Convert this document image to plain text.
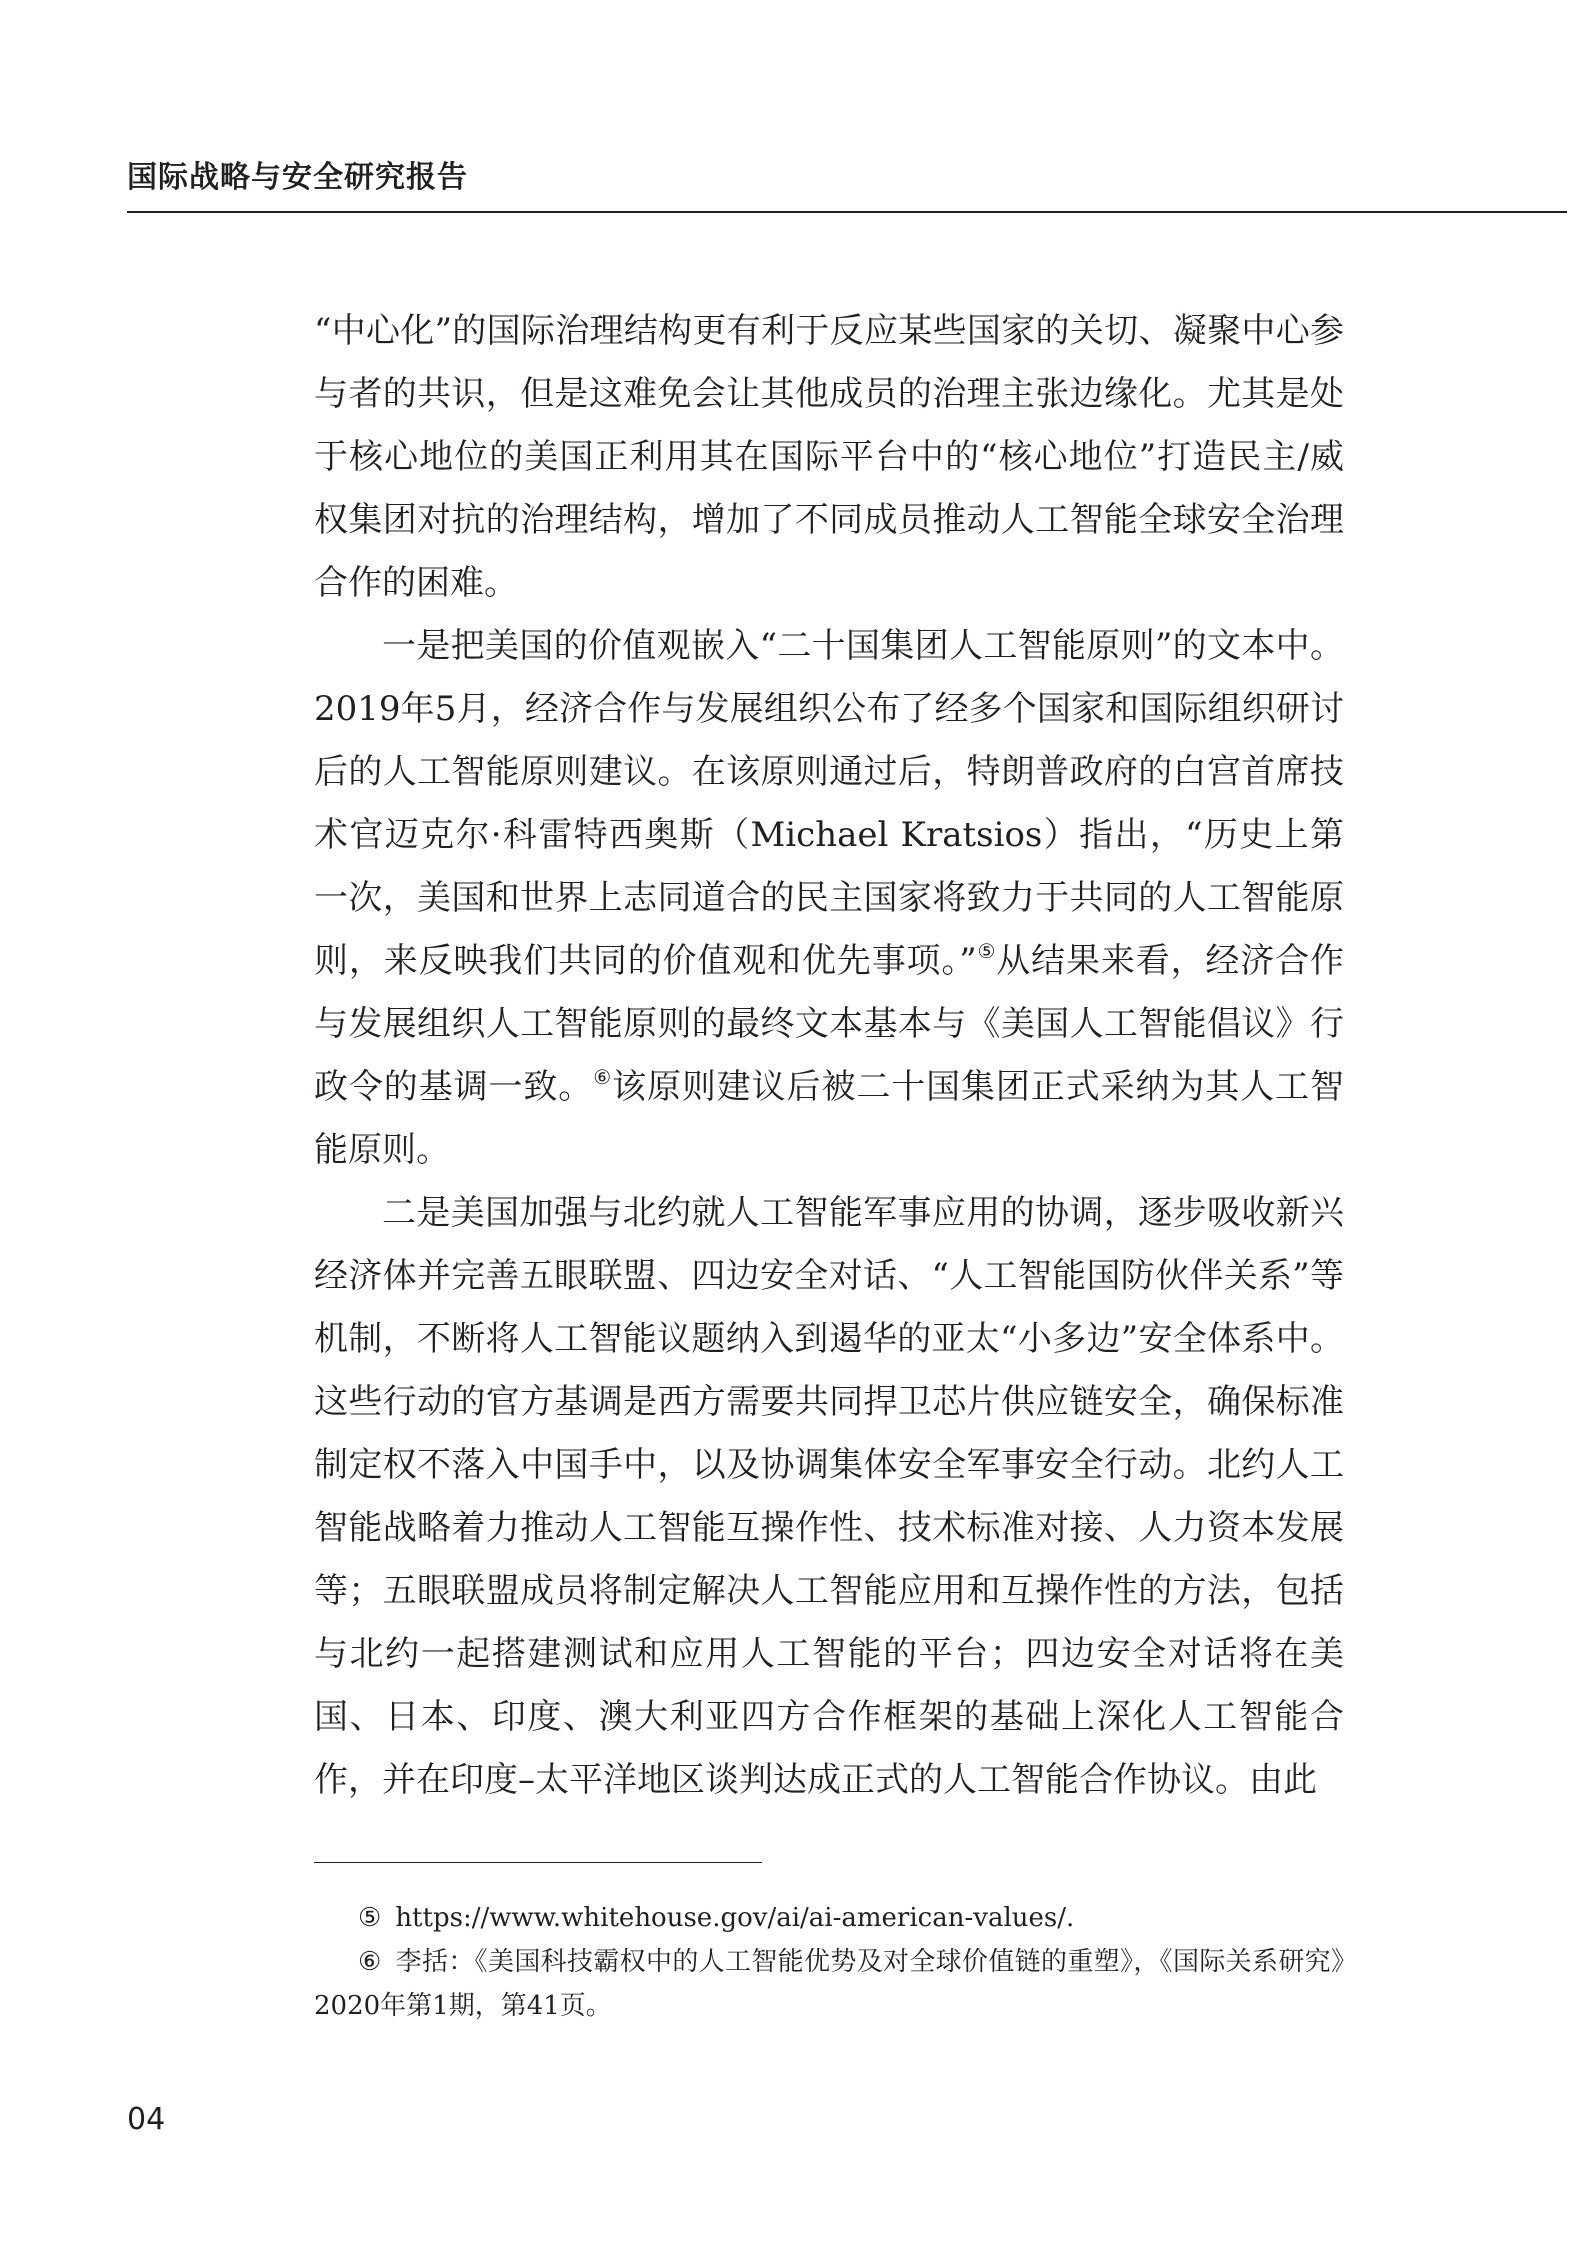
国际战略与安全研究报告

“中心化”的国际治理结构更有利于反应某些国家的关切、凝聚中心参与者的共识，但是这难免会让其他成员的治理主张边缘化。尤其是处于核心地位的美国正利用其在国际平台中的“核心地位”打造民主/威权集团对抗的治理结构，增加了不同成员推动人工智能全球安全治理合作的困难。

一是把美国的价值观嵌入“二十国集团人工智能原则”的文本中。2019年5月，经济合作与发展组织公布了经多个国家和国际组织研讨后的人工智能原则建议。在该原则通过后，特朗普政府的白宫首席技术官迈克尔·科雷特西奥斯（Michael Kratsios）指出，“历史上第一次，美国和世界上志同道合的民主国家将致力于共同的人工智能原则，来反映我们共同的价值观和优先事项。”⑤从结果来看，经济合作与发展组织人工智能原则的最终文本基本与《美国人工智能倡议》行政令的基调一致。⑥该原则建议后被二十国集团正式采纳为其人工智能原则。

二是美国加强与北约就人工智能军事应用的协调，逐步吸收新兴经济体并完善五眼联盟、四边安全对话、“人工智能国防伙伴关系”等机制，不断将人工智能议题纳入到遏华的亚太“小多边”安全体系中。这些行动的官方基调是西方需要共同捍卫芯片供应链安全，确保标准制定权不落入中国手中，以及协调集体安全军事安全行动。北约人工智能战略着力推动人工智能互操作性、技术标准对接、人力资本发展等；五眼联盟成员将制定解决人工智能应用和互操作性的方法，包括与北约一起搭建测试和应用人工智能的平台；四边安全对话将在美国、日本、印度、澳大利亚四方合作框架的基础上深化人工智能合作，并在印度–太平洋地区谈判达成正式的人工智能合作协议。由此

⑤ https://www.whitehouse.gov/ai/ai-american-values/.

⑥ 李括：《美国科技霸权中的人工智能优势及对全球价值链的重塑》，《国际关系研究》2020年第1期，第41页。

04
